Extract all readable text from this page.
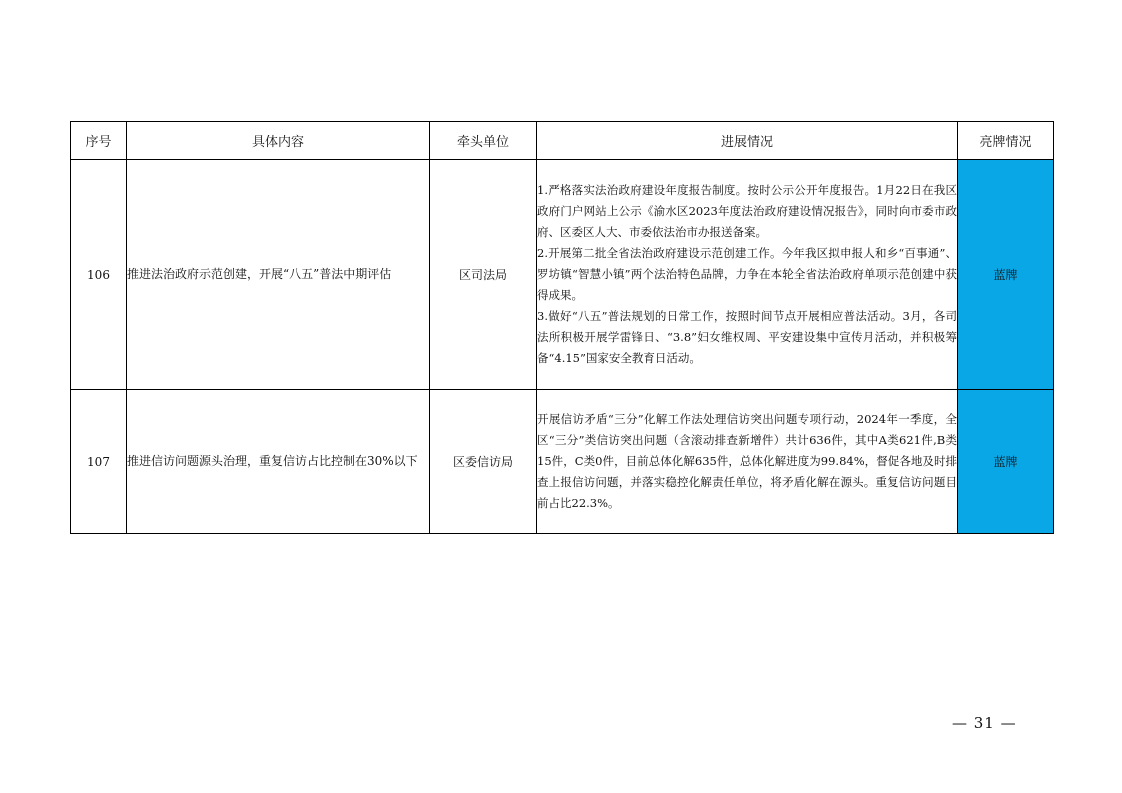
序号	具体内容	牵头单位	进展情况	亮牌情况
106	推进法治政府示范创建，开展“八五”普法中期评估	区司法局	1.严格落实法治政府建设年度报告制度。按时公示公开年度报告。1月22日在我区政府门户网站上公示《渝水区2023年度法治政府建设情况报告》，同时向市委市政府、区委区人大、市委依法治市办报送备案。

2.开展第二批全省法治政府建设示范创建工作。今年我区拟申报人和乡“百事通”、罗坊镇“智慧小镇”两个法治特色品牌，力争在本轮全省法治政府单项示范创建中获得成果。

3.做好“八五”普法规划的日常工作，按照时间节点开展相应普法活动。3月，各司法所积极开展学雷锋日、“3.8”妇女维权周、平安建设集中宣传月活动，并积极筹备“4.15”国家安全教育日活动。	蓝牌
107	推进信访问题源头治理，重复信访占比控制在30%以下	区委信访局	开展信访矛盾“三分”化解工作法处理信访突出问题专项行动，2024年一季度，全区“三分”类信访突出问题（含滚动排查新增件）共计636件，其中A类621件,B类15件，C类0件，目前总体化解635件，总体化解进度为99.84%，督促各地及时排查上报信访问题，并落实稳控化解责任单位，将矛盾化解在源头。重复信访问题目前占比22.3%。	蓝牌
— 31 —
